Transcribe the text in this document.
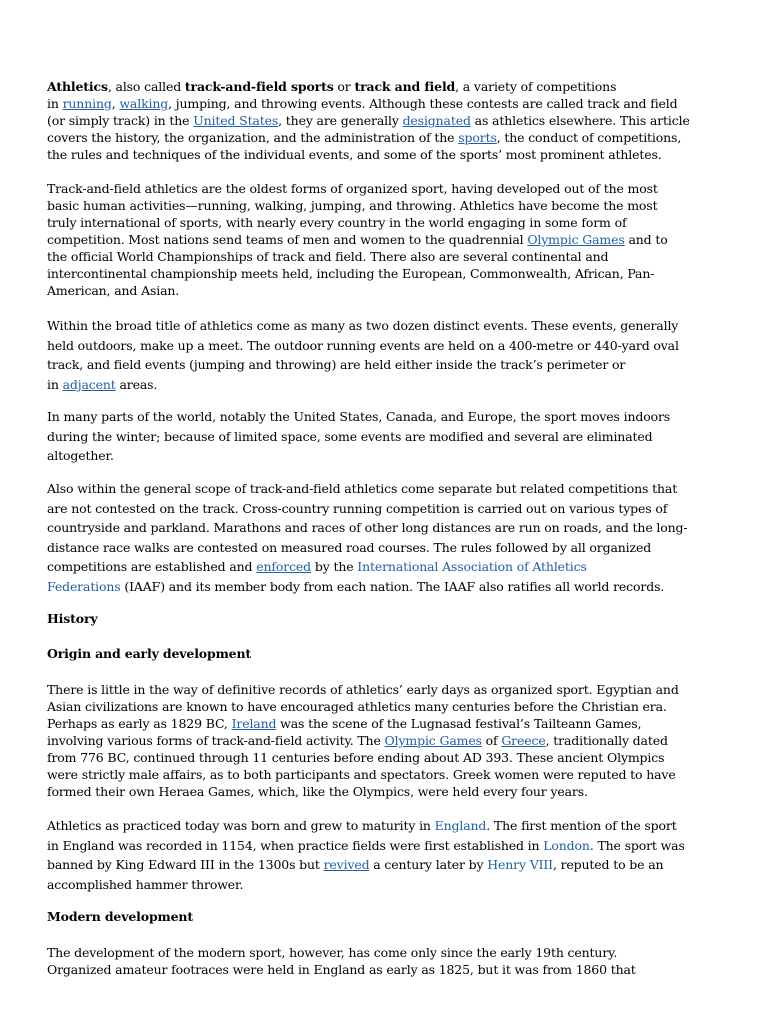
Athletics, also called track-and-field sports or track and field, a variety of competitions
in running, walking, jumping, and throwing events. Although these contests are called track and field
(or simply track) in the United States, they are generally designated as athletics elsewhere. This article
covers the history, the organization, and the administration of the sports, the conduct of competitions,
the rules and techniques of the individual events, and some of the sports’ most prominent athletes.
Track-and-field athletics are the oldest forms of organized sport, having developed out of the most
basic human activities—running, walking, jumping, and throwing. Athletics have become the most
truly international of sports, with nearly every country in the world engaging in some form of
competition. Most nations send teams of men and women to the quadrennial Olympic Games and to
the official World Championships of track and field. There also are several continental and
intercontinental championship meets held, including the European, Commonwealth, African, Pan-
American, and Asian.
Within the broad title of athletics come as many as two dozen distinct events. These events, generally
held outdoors, make up a meet. The outdoor running events are held on a 400-metre or 440-yard oval
track, and field events (jumping and throwing) are held either inside the track’s perimeter or
in adjacent areas.
In many parts of the world, notably the United States, Canada, and Europe, the sport moves indoors
during the winter; because of limited space, some events are modified and several are eliminated
altogether.
Also within the general scope of track-and-field athletics come separate but related competitions that
are not contested on the track. Cross-country running competition is carried out on various types of
countryside and parkland. Marathons and races of other long distances are run on roads, and the long-
distance race walks are contested on measured road courses. The rules followed by all organized
competitions are established and enforced by the International Association of Athletics
Federations (IAAF) and its member body from each nation. The IAAF also ratifies all world records.
History
Origin and early development
There is little in the way of definitive records of athletics’ early days as organized sport. Egyptian and
Asian civilizations are known to have encouraged athletics many centuries before the Christian era.
Perhaps as early as 1829 BC, Ireland was the scene of the Lugnasad festival’s Tailteann Games,
involving various forms of track-and-field activity. The Olympic Games of Greece, traditionally dated
from 776 BC, continued through 11 centuries before ending about AD 393. These ancient Olympics
were strictly male affairs, as to both participants and spectators. Greek women were reputed to have
formed their own Heraea Games, which, like the Olympics, were held every four years.
Athletics as practiced today was born and grew to maturity in England. The first mention of the sport
in England was recorded in 1154, when practice fields were first established in London. The sport was
banned by King Edward III in the 1300s but revived a century later by Henry VIII, reputed to be an
accomplished hammer thrower.
Modern development
The development of the modern sport, however, has come only since the early 19th century.
Organized amateur footraces were held in England as early as 1825, but it was from 1860 that
